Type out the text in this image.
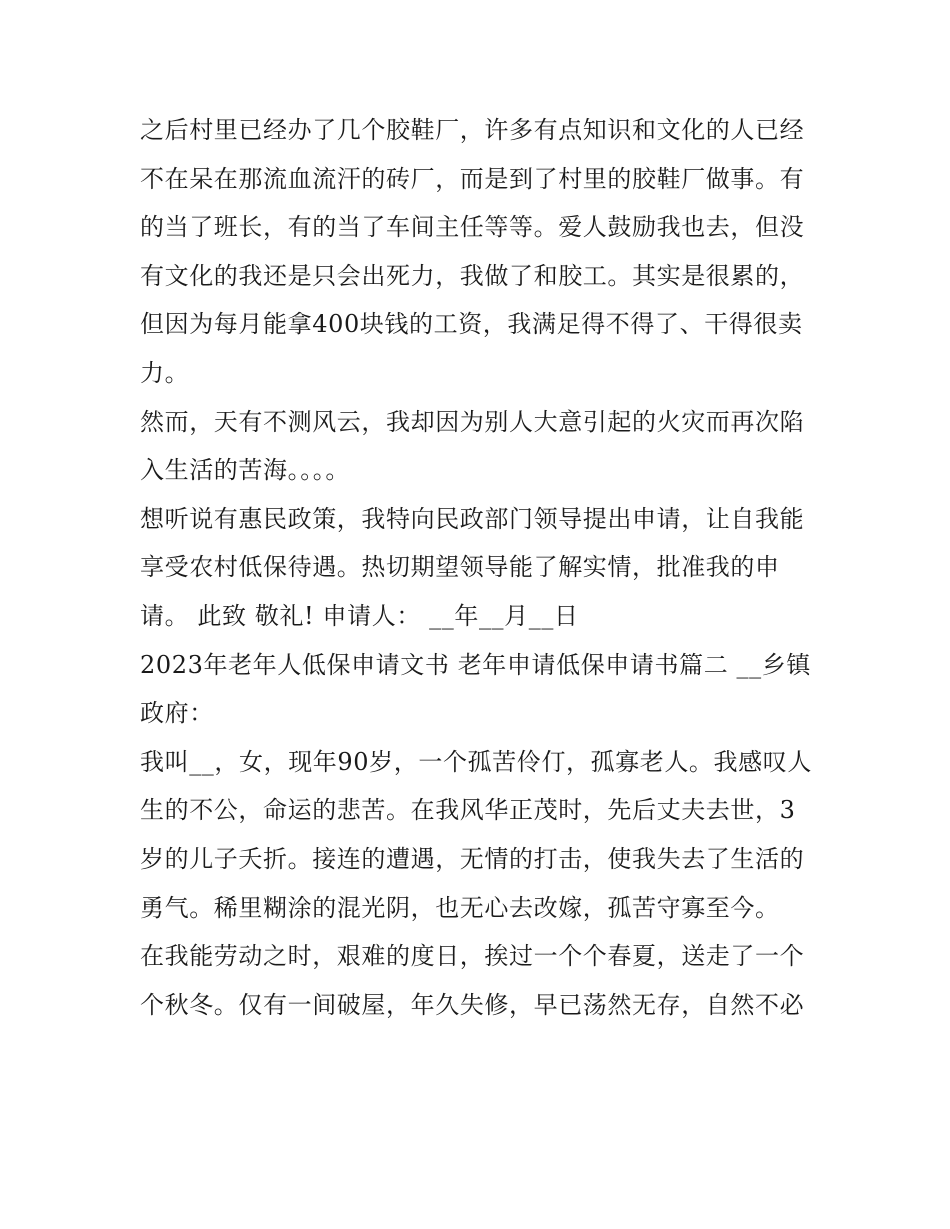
之后村里已经办了几个胶鞋厂，许多有点知识和文化的人已经不在呆在那流血流汗的砖厂，而是到了村里的胶鞋厂做事。有的当了班长，有的当了车间主任等等。爱人鼓励我也去，但没有文化的我还是只会出死力，我做了和胶工。其实是很累的，但因为每月能拿400块钱的工资，我满足得不得了、干得很卖力。

然而，天有不测风云，我却因为别人大意引起的火灾而再次陷入生活的苦海。。。。

想听说有惠民政策，我特向民政部门领导提出申请，让自我能享受农村低保待遇。热切期望领导能了解实情，批准我的申请。 此致 敬礼! 申请人： __年__月__日

2023年老年人低保申请文书 老年申请低保申请书篇二 __乡镇政府：

我叫__，女，现年90岁，一个孤苦伶仃，孤寡老人。我感叹人生的不公，命运的悲苦。在我风华正茂时，先后丈夫去世，3岁的儿子夭折。接连的遭遇，无情的打击，使我失去了生活的勇气。稀里糊涂的混光阴，也无心去改嫁，孤苦守寡至今。

在我能劳动之时，艰难的度日，挨过一个个春夏，送走了一个个秋冬。仅有一间破屋，年久失修，早已荡然无存，自然不必
